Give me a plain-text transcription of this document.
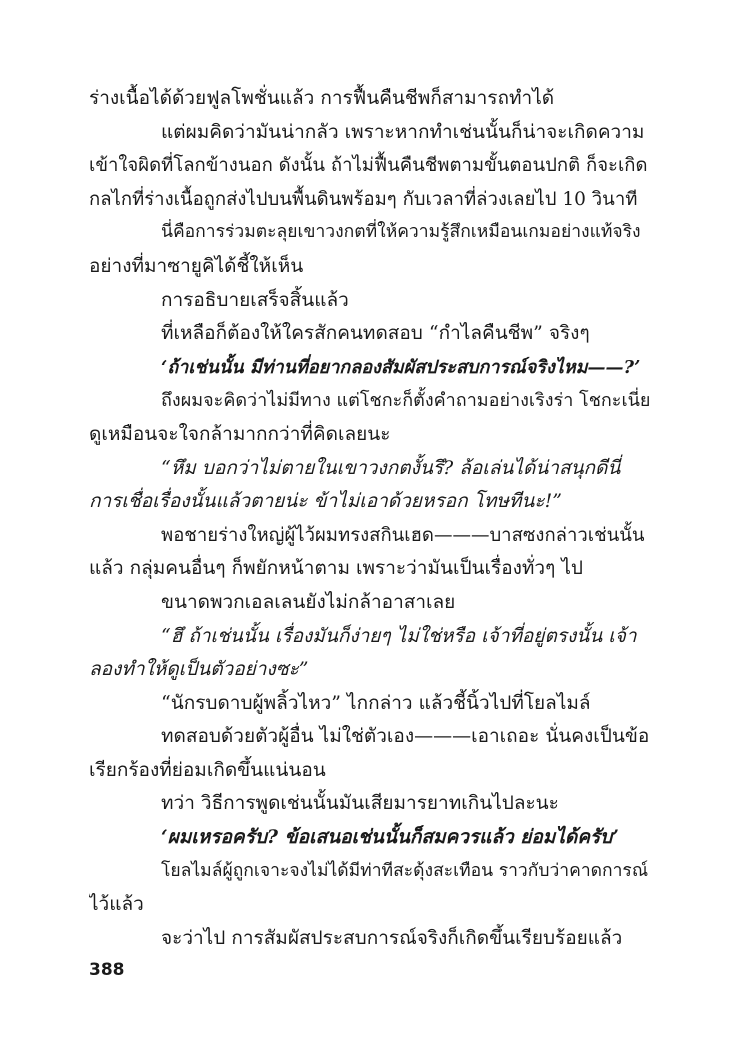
ร่างเนื้อได้ด้วยฟูลโพชั่นแล้ว การฟื้นคืนชีพก็สามารถทำได้
แต่ผมคิดว่ามันน่ากลัว เพราะหากทำเช่นนั้นก็น่าจะเกิดความ
เข้าใจผิดที่โลกข้างนอก ดังนั้น ถ้าไม่ฟื้นคืนชีพตามขั้นตอนปกติ ก็จะเกิด
กลไกที่ร่างเนื้อถูกส่งไปบนพื้นดินพร้อมๆ กับเวลาที่ล่วงเลยไป 10 วินาที
นี่คือการร่วมตะลุยเขาวงกตที่ให้ความรู้สึกเหมือนเกมอย่างแท้จริง
อย่างที่มาซายูคิได้ชี้ให้เห็น
การอธิบายเสร็จสิ้นแล้ว
ที่เหลือก็ต้องให้ใครสักคนทดสอบ “กำไลคืนชีพ” จริงๆ
‘ถ้าเช่นนั้น มีท่านที่อยากลองสัมผัสประสบการณ์จริงไหม——?’
ถึงผมจะคิดว่าไม่มีทาง แต่โชกะก็ตั้งคำถามอย่างเริงร่า โชกะเนี่ย
ดูเหมือนจะใจกล้ามากกว่าที่คิดเลยนะ
“หึม บอกว่าไม่ตายในเขาวงกตงั้นรึ? ล้อเล่นได้น่าสนุกดีนี่
การเชื่อเรื่องนั้นแล้วตายน่ะ ข้าไม่เอาด้วยหรอก โทษทีนะ!”
พอชายร่างใหญ่ผู้ไว้ผมทรงสกินเฮด———บาสซงกล่าวเช่นนั้น
แล้ว กลุ่มคนอื่นๆ ก็พยักหน้าตาม เพราะว่ามันเป็นเรื่องทั่วๆ ไป
ขนาดพวกเอลเลนยังไม่กล้าอาสาเลย
“ฮึ ถ้าเช่นนั้น เรื่องมันก็ง่ายๆ ไม่ใช่หรือ เจ้าที่อยู่ตรงนั้น เจ้า
ลองทำให้ดูเป็นตัวอย่างซะ”
“นักรบดาบผู้พลิ้วไหว” ไกกล่าว แล้วชี้นิ้วไปที่โยลไมล์
ทดสอบด้วยตัวผู้อื่น ไม่ใช่ตัวเอง———เอาเถอะ นั่นคงเป็นข้อ
เรียกร้องที่ย่อมเกิดขึ้นแน่นอน
ทว่า วิธีการพูดเช่นนั้นมันเสียมารยาทเกินไปละนะ
‘ผมเหรอครับ? ข้อเสนอเช่นนั้นก็สมควรแล้ว ย่อมได้ครับ’
โยลไมล์ผู้ถูกเจาะจงไม่ได้มีท่าทีสะดุ้งสะเทือน ราวกับว่าคาดการณ์
ไว้แล้ว
จะว่าไป การสัมผัสประสบการณ์จริงก็เกิดขึ้นเรียบร้อยแล้ว
388
